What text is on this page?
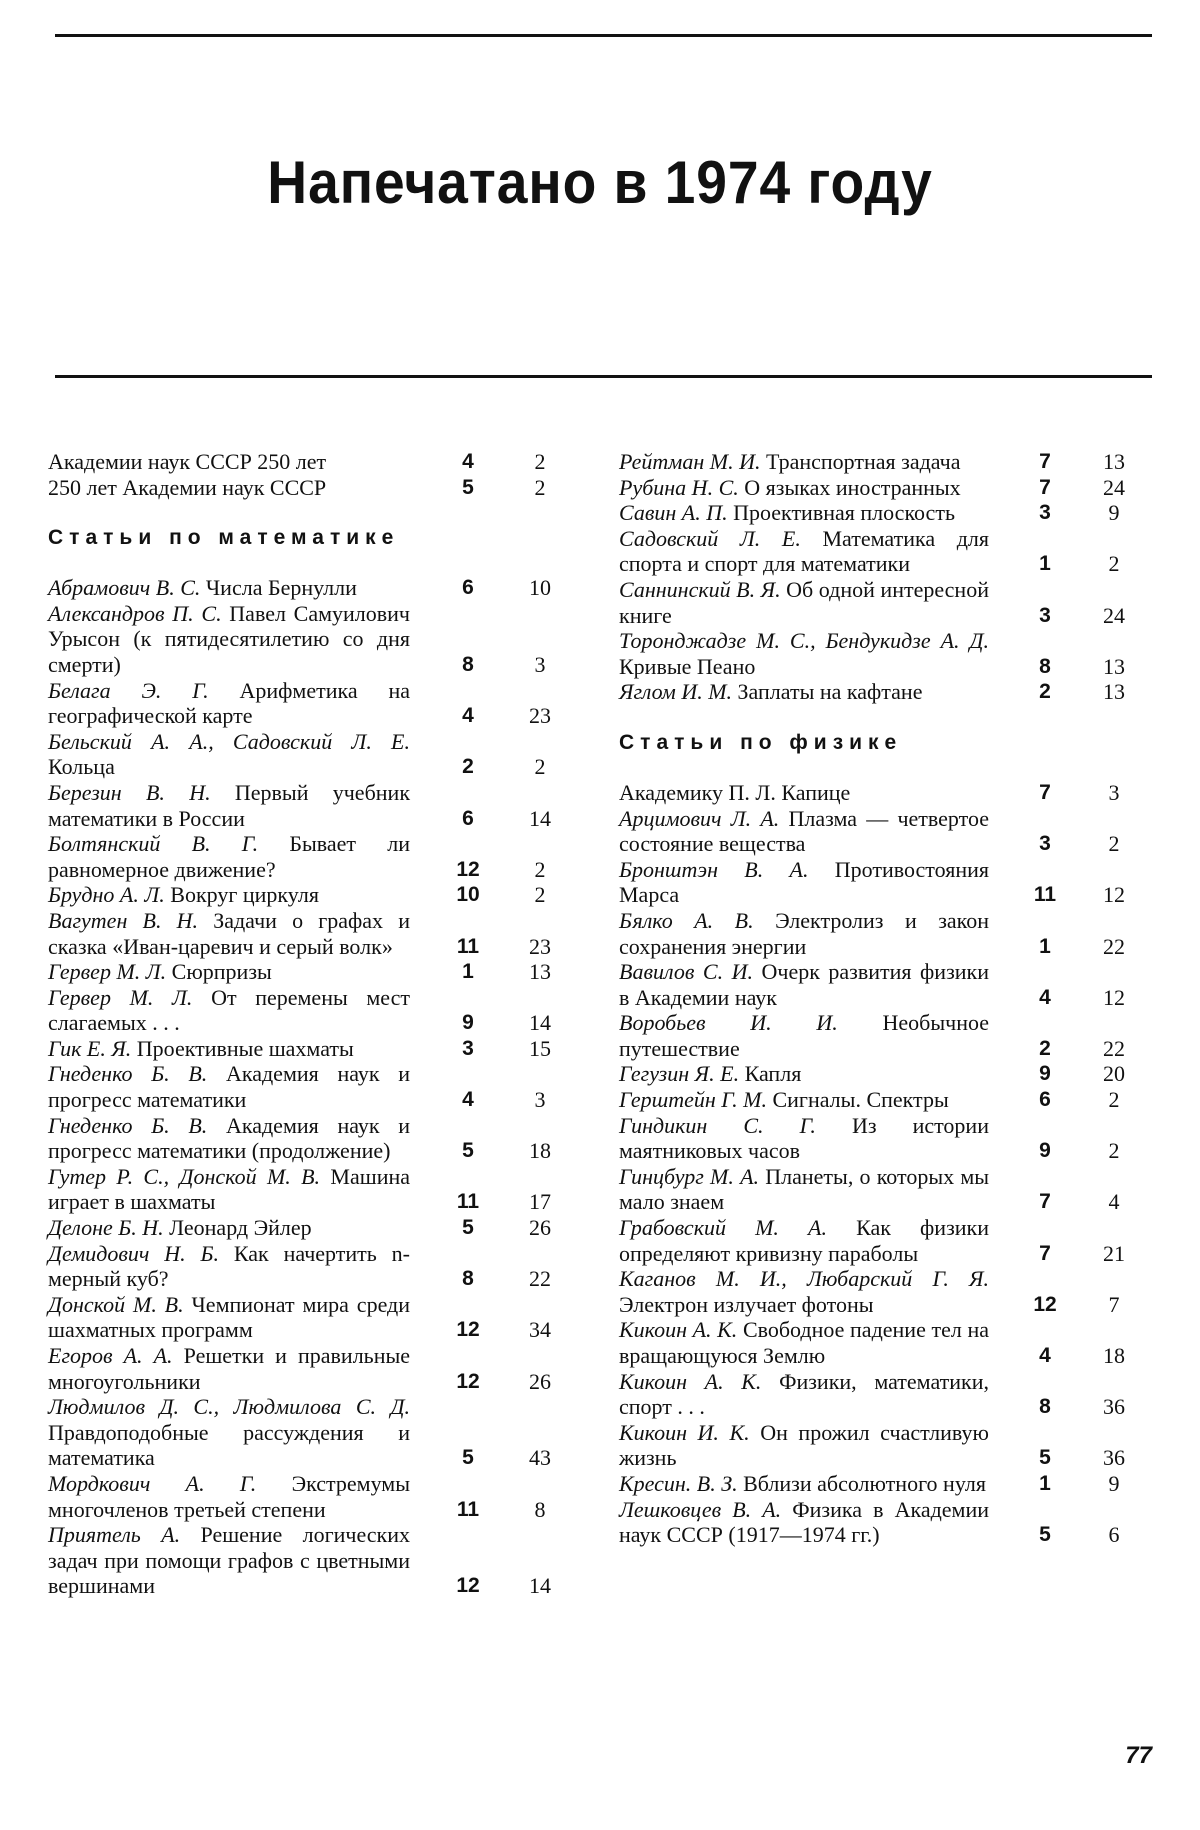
Напечатано в 1974 году
Академии наук СССР 250 лет	4	2
250 лет Академии наук СССР	5	2
Статьи по математике
Абрамович В. С. Числа Бернулли	6	10
Александров П. С. Павел Самуилович Урысон (к пятидесятилетию со дня смерти)	8	3
Белага Э. Г. Арифметика на географической карте	4	23
Бельский А. А., Садовский Л. Е. Кольца	2	2
Березин В. Н. Первый учебник математики в России	6	14
Болтянский В. Г. Бывает ли равномерное движение?	12	2
Брудно А. Л. Вокруг циркуля	10	2
Вагутен В. Н. Задачи о графах и сказка «Иван-царевич и серый волк»	11	23
Гервер М. Л. Сюрпризы	1	13
Гервер М. Л. От перемены мест слагаемых . . .	9	14
Гик Е. Я. Проективные шахматы	3	15
Гнеденко Б. В. Академия наук и прогресс математики	4	3
Гнеденко Б. В. Академия наук и прогресс математики (продолжение)	5	18
Гутер Р. С., Донской М. В. Машина играет в шахматы	11	17
Делоне Б. Н. Леонард Эйлер	5	26
Демидович Н. Б. Как начертить n-мерный куб?	8	22
Донской М. В. Чемпионат мира среди шахматных программ	12	34
Егоров А. А. Решетки и правильные многоугольники	12	26
Людмилов Д. С., Людмилова С. Д. Правдоподобные рассуждения и математика	5	43
Мордкович А. Г. Экстремумы многочленов третьей степени	11	8
Приятель А. Решение логических задач при помощи графов с цветными вершинами	12	14
Рейтман М. И. Транспортная задача	7	13
Рубина Н. С. О языках иностранных	7	24
Савин А. П. Проективная плоскость	3	9
Садовский Л. Е. Математика для спорта и спорт для математики	1	2
Саннинский В. Я. Об одной интересной книге	3	24
Торонджадзе М. С., Бендукидзе А. Д. Кривые Пеано	8	13
Яглом И. М. Заплаты на кафтане	2	13
Статьи по физике
Академику П. Л. Капице	7	3
Арцимович Л. А. Плазма — четвертое состояние вещества	3	2
Бронштэн В. А. Противостояния Марса	11	12
Бялко А. В. Электролиз и закон сохранения энергии	1	22
Вавилов С. И. Очерк развития физики в Академии наук	4	12
Воробьев И. И. Необычное путешествие	2	22
Гегузин Я. Е. Капля	9	20
Герштейн Г. М. Сигналы. Спектры	6	2
Гиндикин С. Г. Из истории маятниковых часов	9	2
Гинцбург М. А. Планеты, о которых мы мало знаем	7	4
Грабовский М. А. Как физики определяют кривизну параболы	7	21
Каганов М. И., Любарский Г. Я. Электрон излучает фотоны	12	7
Кикоин А. К. Свободное падение тел на вращающуюся Землю	4	18
Кикоин А. К. Физики, математики, спорт . . .	8	36
Кикоин И. К. Он прожил счастливую жизнь	5	36
Кресин. В. З. Вблизи абсолютного нуля	1	9
Лешковцев В. А. Физика в Академии наук СССР (1917—1974 гг.)	5	6
77
